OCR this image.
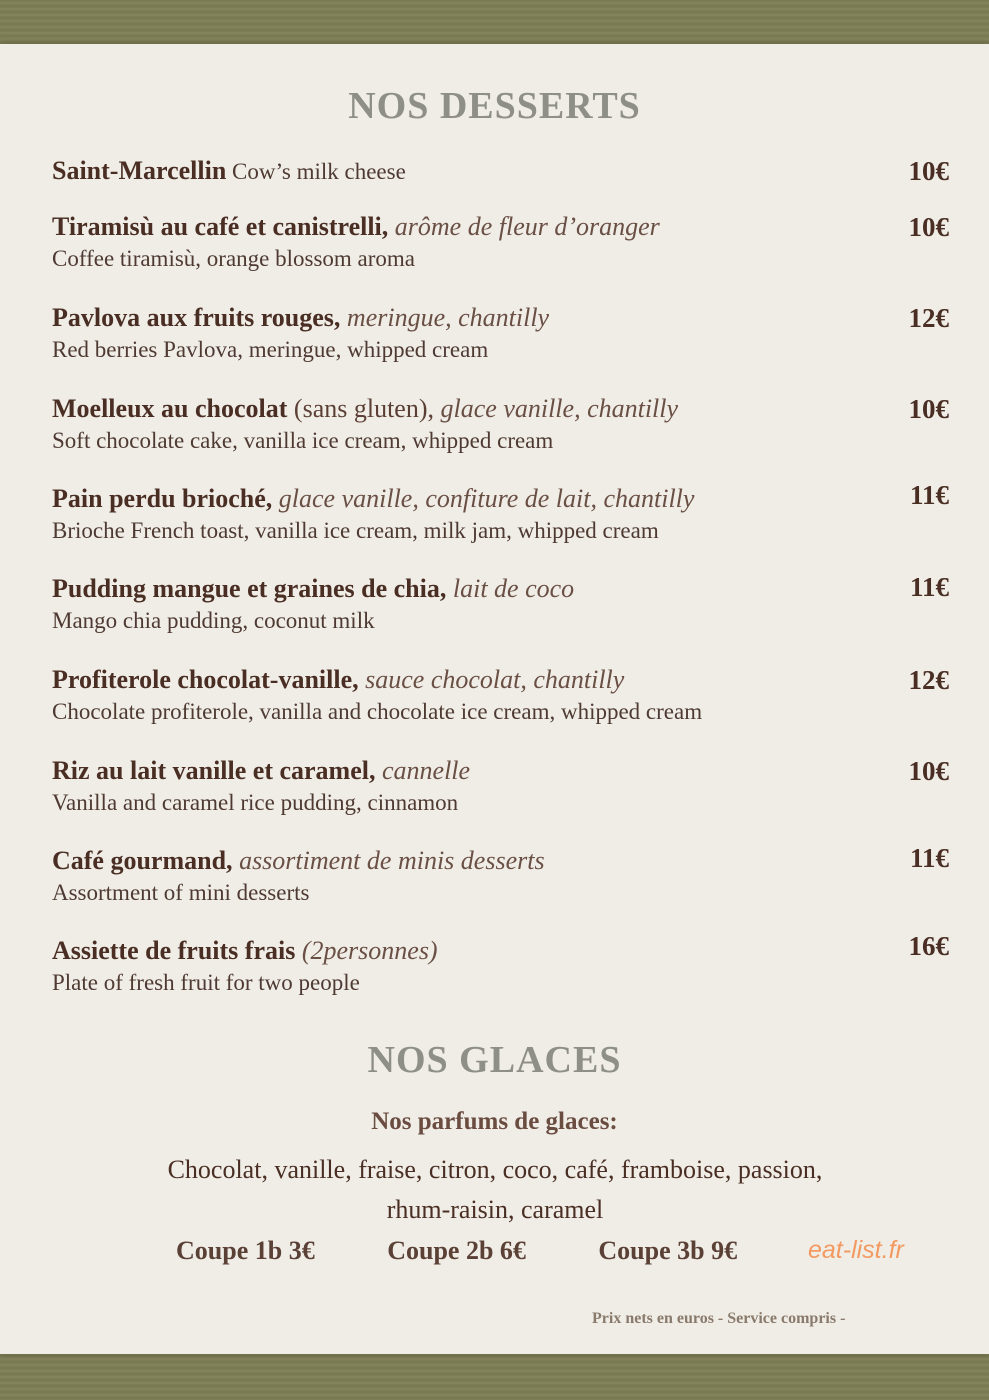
NOS DESSERTS
Saint-Marcellin Cow’s milk cheese	10€
Tiramisù au café et canistrelli, arôme de fleur d’oranger
Coffee tiramisù, orange blossom aroma
10€
Pavlova aux fruits rouges, meringue, chantilly
Red berries Pavlova, meringue, whipped cream
12€
Moelleux au chocolat (sans gluten), glace vanille, chantilly
Soft chocolate cake, vanilla ice cream, whipped cream
10€
Pain perdu brioché, glace vanille, confiture de lait, chantilly
Brioche French toast, vanilla ice cream, milk jam, whipped cream
11€
Pudding mangue et graines de chia, lait de coco
Mango chia pudding, coconut milk
11€
Profiterole chocolat-vanille, sauce chocolat, chantilly
Chocolate profiterole, vanilla and chocolate ice cream, whipped cream
12€
Riz au lait vanille et caramel, cannelle
Vanilla and caramel rice pudding, cinnamon
10€
Café gourmand, assortiment de minis desserts
Assortment of mini desserts
11€
Assiette de fruits frais (2personnes)
Plate of fresh fruit for two people
16€
NOS GLACES
Nos parfums de glaces:
Chocolat, vanille, fraise, citron, coco, café, framboise, passion,
rhum-raisin, caramel
Coupe 1b 3€	Coupe 2b 6€	Coupe 3b 9€	eat-list.fr
Prix nets en euros - Service compris -
